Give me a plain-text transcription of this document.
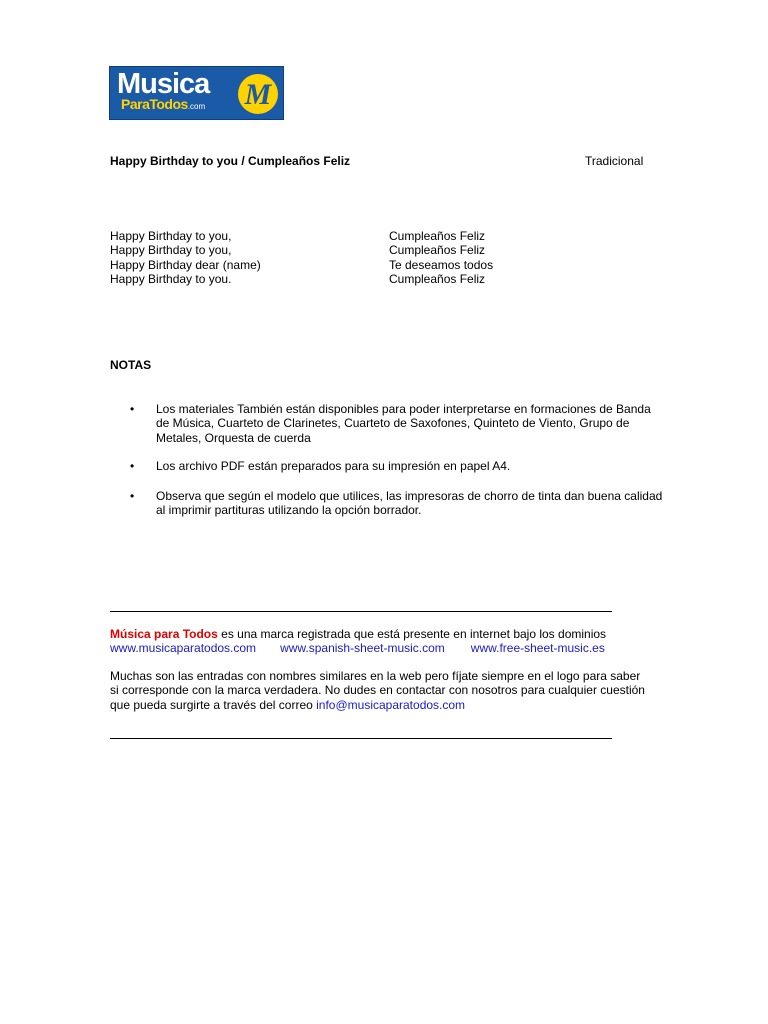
Musica
ParaTodos.com M
Happy Birthday to you / Cumpleaños Feliz	Tradicional
Happy Birthday to you,
Happy Birthday to you,
Happy Birthday dear (name)
Happy Birthday to you.
Cumpleaños Feliz
Cumpleaños Feliz
Te deseamos todos
Cumpleaños Feliz
NOTAS
• Los materiales También están disponibles para poder interpretarse en formaciones de Banda de Música, Cuarteto de Clarinetes, Cuarteto de Saxofones, Quinteto de Viento, Grupo de Metales, Orquesta de cuerda
• Los archivo PDF están preparados para su impresión en papel A4.
• Observa que según el modelo que utilices, las impresoras de chorro de tinta dan buena calidad al imprimir partituras utilizando la opción borrador.
Música para Todos es una marca registrada que está presente en internet bajo los dominios
www.musicaparatodos.com www.spanish-sheet-music.com www.free-sheet-music.es
Muchas son las entradas con nombres similares en la web pero fíjate siempre en el logo para saber si corresponde con la marca verdadera. No dudes en contactar con nosotros para cualquier cuestión que pueda surgirte a través del correo info@musicaparatodos.com
